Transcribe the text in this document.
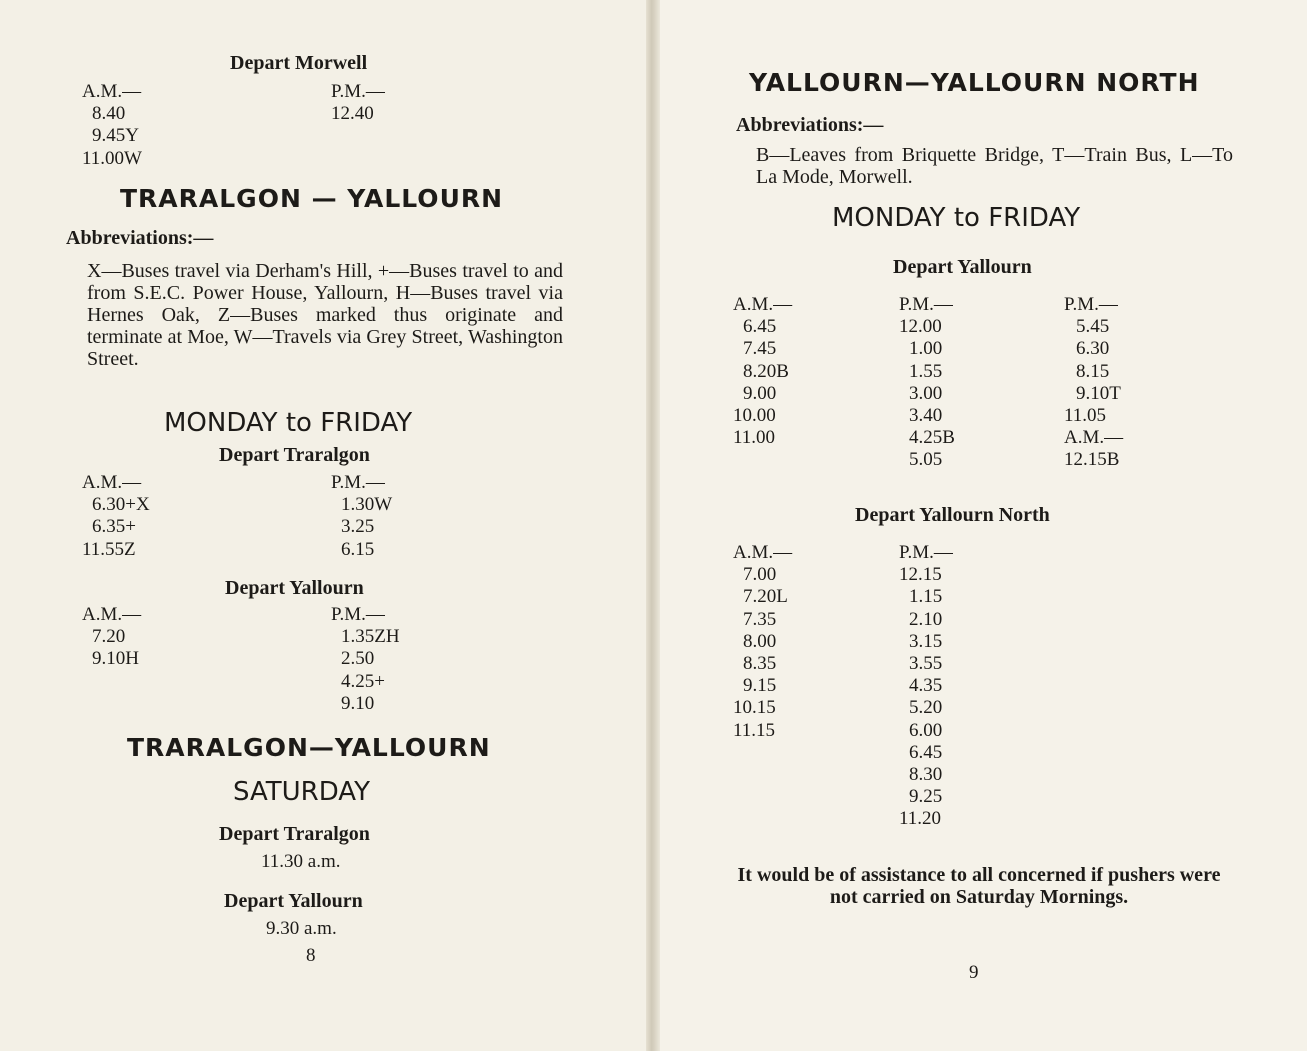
Depart Morwell
A.M.—
8.40
9.45Y
11.00W
P.M.—
12.40
TRARALGON — YALLOURN
Abbreviations:—
X—Buses travel via Derham's Hill, +—Buses travel to and from S.E.C. Power House, Yallourn, H—Buses travel via Hernes Oak, Z—Buses marked thus originate and terminate at Moe, W—Travels via Grey Street, Washington Street.
MONDAY to FRIDAY
Depart Traralgon
A.M.—
6.30+X
6.35+
11.55Z
P.M.—
1.30W
3.25
6.15
Depart Yallourn
A.M.—
7.20
9.10H
P.M.—
1.35ZH
2.50
4.25+
9.10
TRARALGON—YALLOURN
SATURDAY
Depart Traralgon
11.30 a.m.
Depart Yallourn
9.30 a.m.
8
YALLOURN—YALLOURN NORTH
Abbreviations:—
B—Leaves from Briquette Bridge, T—Train Bus, L—To La Mode, Morwell.
MONDAY to FRIDAY
Depart Yallourn
A.M.—
6.45
7.45
8.20B
9.00
10.00
11.00
P.M.—
12.00
1.00
1.55
3.00
3.40
4.25B
5.05
P.M.—
5.45
6.30
8.15
9.10T
11.05
A.M.—
12.15B
Depart Yallourn North
A.M.—
7.00
7.20L
7.35
8.00
8.35
9.15
10.15
11.15
P.M.—
12.15
1.15
2.10
3.15
3.55
4.35
5.20
6.00
6.45
8.30
9.25
11.20
It would be of assistance to all concerned if pushers were not carried on Saturday Mornings.
9
